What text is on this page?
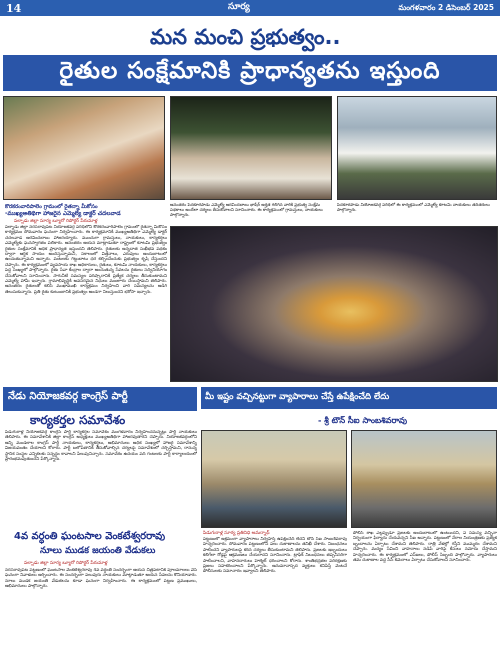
14	సూర్య	మంగళవారం 2 డిసెంబర్ 2025
మన మంచి ప్రభుత్వం..
రైతుల సంక్షేమానికి ప్రాధాన్యతను ఇస్తుంది
కొరకరంవారిపాలెం గ్రామంలో రైతన్నా మీకోసం
-ముఖ్యఅతిథిగా హాజరైన ఎమ్మెల్యే డాక్టర్ చదలవాడ
పల్నాడు జిల్లా సూర్య బ్యూరో రిపోర్టర్ పేరుమాళ్ల
పల్నాడు జిల్లా నరసరావుపేట నియోజకవర్గ పరిధిలోని కొరకరంవారిపాలెం గ్రామంలో రైతన్నా మీకోసం కార్యక్రమం సోమవారం ఘనంగా నిర్వహించారు. ఈ కార్యక్రమానికి ముఖ్యఅతిథిగా ఎమ్మెల్యే డాక్టర్ చదలవాడ అరవిందబాబు హాజరయ్యారు. ముందుగా గ్రామస్తులు, నాయకులు, కార్యకర్తలు ఎమ్మెల్యేకు ఘనస్వాగతం పలికారు. అనంతరం ఆయన మాట్లాడుతూ రాష్ట్రంలో కూటమి ప్రభుత్వం రైతుల సంక్షేమానికి అధిక ప్రాధాన్యత ఇస్తుందని తెలిపారు. రైతులకు అన్నదాత సుఖీభవ పథకం ద్వారా ఆర్థిక సాయం అందిస్తున్నామని, సకాలంలో విత్తనాలు, ఎరువులు అందుబాటులో ఉంచుతున్నామని అన్నారు. పంటలకు గిట్టుబాటు ధర కల్పించేందుకు ప్రభుత్వం కృషి చేస్తుందని చెప్పారు. ఈ కార్యక్రమంలో వ్యవసాయ శాఖ అధికారులు, రైతులు, కూటమి నాయకులు, కార్యకర్తలు పెద్ద సంఖ్యలో పాల్గొన్నారు. రైతు సేవా కేంద్రాల ద్వారా అందుతున్న సేవలను రైతులు సద్వినియోగం చేసుకోవాలని సూచించారు. సాగునీటి సమస్యల పరిష్కారానికి ప్రత్యేక చర్యలు తీసుకుంటామని ఎమ్మెల్యే హామీ ఇచ్చారు. గ్రామాభివృద్ధికి అవసరమైన నిధులు మంజూరు చేయిస్తామని తెలిపారు. అనంతరం రైతులతో కలిసి ముఖాముఖి కార్యక్రమం నిర్వహించి వారి సమస్యలను అడిగి తెలుసుకున్నారు. ప్రతి రైతు కుటుంబానికి ప్రభుత్వం అండగా నిలుస్తుందని భరోసా ఇచ్చారు.
అనంతరం పెదకూరపాడు ఎమ్మెల్యే అరవిందబాబు భాషేర్ అర్హత గలిగిన వారికి ప్రభుత్వ సంక్షేమ పథకాలు అందేలా చర్యలు తీసుకోవాలని సూచించారు. ఈ కార్యక్రమంలో గ్రామస్తులు, నాయకులు పాల్గొన్నారు.
పెదకూరపాడు నియోజకవర్గ పరిధిలో ఈ కార్యక్రమంలో ఎమ్మెల్యే కూటమి నాయకులు తదితరులు పాల్గొన్నారు.
నేడు నియోజకవర్గ కాంగ్రెస్ పార్టీ
కార్యకర్తల సమావేశం
పిడుగురాళ్ల నియోజకవర్గ కాంగ్రెస్ పార్టీ కార్యకర్తల సమావేశం మంగళవారం నిర్వహించనున్నట్లు పార్టీ నాయకులు తెలిపారు. ఈ సమావేశానికి జిల్లా కాంగ్రెస్ అధ్యక్షులు ముఖ్యఅతిథిగా హాజరవుతారని చెప్పారు. నియోజకవర్గంలోని అన్ని మండలాల కాంగ్రెస్ పార్టీ నాయకులు, కార్యకర్తలు, అభిమానులు అధిక సంఖ్యలో హాజరై సమావేశాన్ని విజయవంతం చేయాలని కోరారు. పార్టీ బలోపేతానికి తీసుకోవాల్సిన చర్యలపై సమావేశంలో చర్చిస్తామని, రానున్న స్థానిక సంస్థల ఎన్నికలకు సన్నద్ధం కావాలని పిలుపునిచ్చారు. సమావేశం ఉదయం పది గంటలకు పార్టీ కార్యాలయంలో ప్రారంభమవుతుందని పేర్కొన్నారు.
4వ వర్ధంతి ఘంటసాల వెంకటేశ్వరరావు
నూలు ముడక జయంతి వేడుకలు
పల్నాడు జిల్లా సూర్య బ్యూరో రిపోర్టర్ పేరుమాళ్ల
నరసరావుపేట పట్టణంలో ఘంటసాల వెంకటేశ్వరరావు 4వ వర్ధంతి సందర్భంగా ఆయన చిత్రపటానికి పూలమాలలు వేసి ఘనంగా నివాళులు అర్పించారు. ఈ సందర్భంగా పలువురు నాయకులు మాట్లాడుతూ ఆయన సేవలను కొనియాడారు. నూలు ముడక జయంతి వేడుకలను కూడా ఘనంగా నిర్వహించారు. ఈ కార్యక్రమంలో పట్టణ ప్రముఖులు, అభిమానులు పాల్గొన్నారు.
మీ ఇష్టం వచ్చినట్టుగా వ్యాపారాలు చేస్తే ఉపేక్షించేది లేదు
- శ్రీ టౌన్ సీఐ సాంబశివరావు
పిడుగురాళ్ల సూర్య ప్రతినిధి అమర్నాథ్
పట్టణంలో అక్రమంగా వ్యాపారాలు నిర్వహిస్తే ఉపేక్షించేది లేదని టౌన్ సీఐ సాంబశివరావు హెచ్చరించారు. సోమవారం పట్టణంలోని పలు దుకాణాలను తనిఖీ చేశారు. నిబంధనలు పాటించని వ్యాపారులపై కఠిన చర్యలు తీసుకుంటామని తెలిపారు. ప్రజలకు ఇబ్బందులు కలిగేలా రోడ్లపై ఆక్రమణలు చేయరాదని సూచించారు. ట్రాఫిక్ నిబంధనలు తప్పనిసరిగా పాటించాలని, వాహనదారులు హెల్మెట్ ధరించాలని కోరారు. శాంతిభద్రతల పరిరక్షణకు ప్రజలు సహకరించాలని పేర్కొన్నారు. అనుమానాస్పద వ్యక్తులు కనిపిస్తే వెంటనే పోలీసులకు సమాచారం ఇవ్వాలని తెలిపారు.
పోలీస్ శాఖ ఎల్లప్పుడూ ప్రజలకు అందుబాటులో ఉంటుందని, ఏ సమస్య వచ్చినా నిర్భయంగా ఫిర్యాదు చేయవచ్చని సీఐ అన్నారు. పట్టణంలో నేరాల నియంత్రణకు ప్రత్యేక బృందాలను ఏర్పాటు చేశామని తెలిపారు. రాత్రి వేళల్లో గస్తీని ముమ్మరం చేశామని చెప్పారు. మద్యం సేవించి వాహనాలు నడిపే వారిపై కేసులు నమోదు చేస్తామని హెచ్చరించారు. ఈ కార్యక్రమంలో ఎస్ఐలు, పోలీస్ సిబ్బంది పాల్గొన్నారు. వ్యాపారులు తమ దుకాణాల వద్ద సీసీ కెమెరాలు ఏర్పాటు చేసుకోవాలని సూచించారు.
